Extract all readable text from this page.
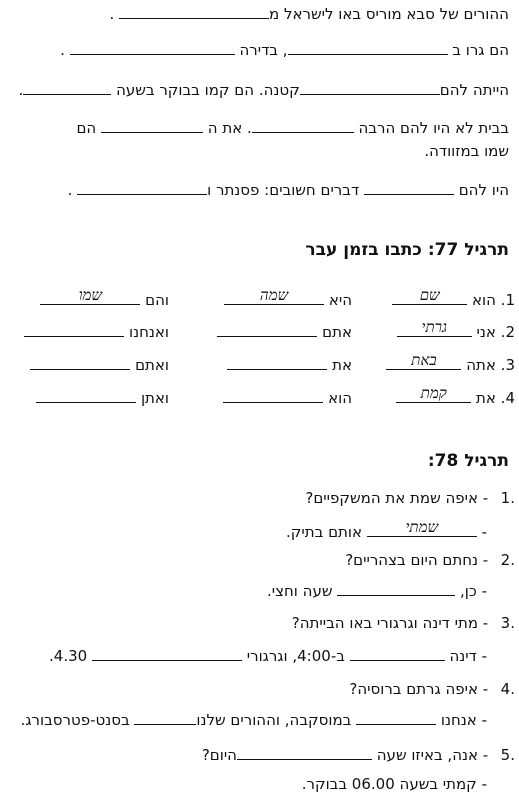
ההורים של סבא מוריס באו לישראל מ .
הם גרו ב , בדירה  .
הייתה להםקטנה. הם קמו בבוקר בשעה .
בבית לא היו להם הרבה . את ה  הם
שמו במזוודה.
היו להם  דברים חשובים: פסנתר ו .
תרגיל 77: כתבו בזמן עבר
1. הוא
שם
היא
שמה
והם
שמו
2. אני
גרתי
אתם
ואנחנו
3. אתה
באת
את
ואתם
4. את
קמת
הוא
ואתן
תרגיל 78:
.1 - איפה שמת את המשקפיים?
-
שמתי
אותם בתיק.
.2 - נחתם היום בצהריים?
- כן,  שעה וחצי.
.3 - מתי דינה וגרגורי באו הבייתה?
- דינה  ב-4:00, וגרגורי  4.30.
.4 - איפה גרתם ברוסיה?
- אנחנו  במוסקבה, וההורים שלנו בסנט-פטרסבורג.
.5 - אנה, באיזו שעה היום?
- קמתי בשעה 06.00 בבוקר.
